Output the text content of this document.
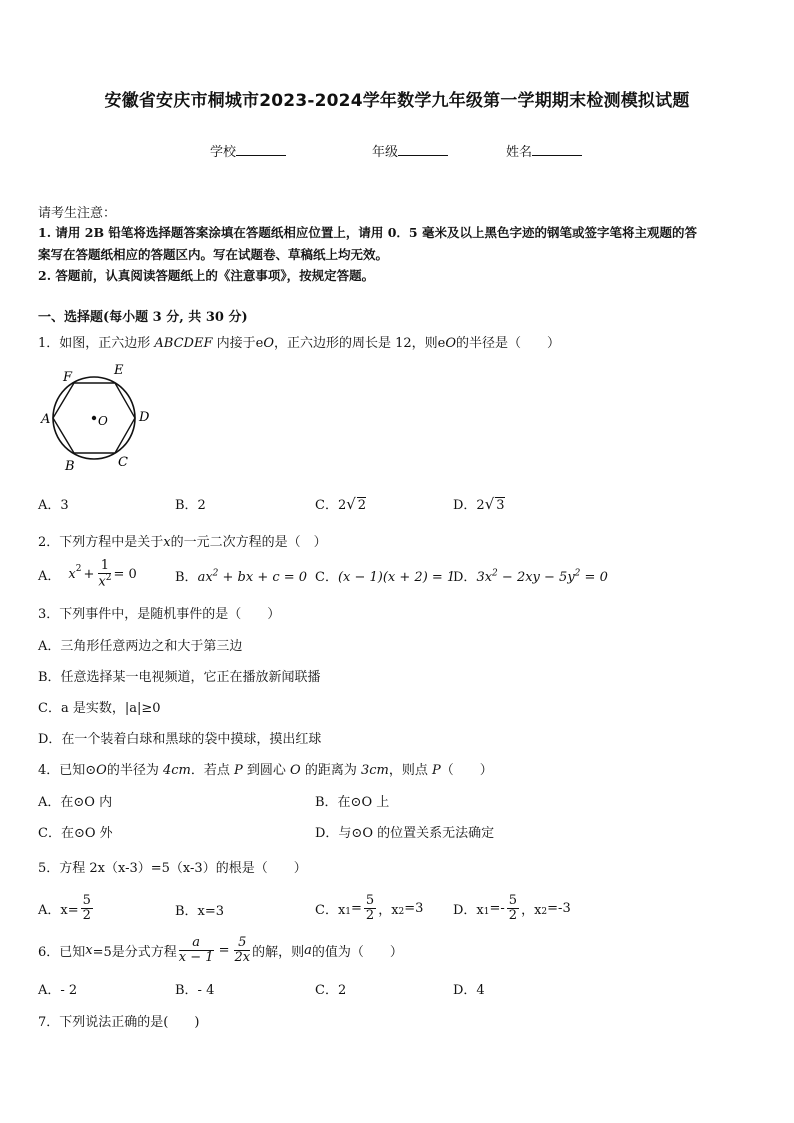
安徽省安庆市桐城市2023-2024学年数学九年级第一学期期末检测模拟试题
学校	年级	姓名
请考生注意：
1. 请用 2B 铅笔将选择题答案涂填在答题纸相应位置上，请用 0．5 毫米及以上黑色字迹的钢笔或签字笔将主观题的答
案写在答题纸相应的答题区内。写在试题卷、草稿纸上均无效。
2. 答题前，认真阅读答题纸上的《注意事项》，按规定答题。
一、选择题(每小题 3 分, 共 30 分)
1．如图，正六边形 ABCDEF 内接于eO，正六边形的周长是 12，则eO的半径是（　　）
A
B	C
D
E
F
O
A．3	B．2	C．2√ 2	D．2√ 3
2．下列方程中是关于x的一元二次方程的是（　）
A． $x^2 + \frac{1}{x^2} = 0$	B．$ax^2$ + bx + c = 0 C．(x − 1)(x + 2) = 1
D．$3x^2 - 2xy - 5y^2 = 0$
3．下列事件中，是随机事件的是（　　）
A．三角形任意两边之和大于第三边
B．任意选择某一电视频道，它正在播放新闻联播
C．a 是实数，|a|≥0
D．在一个装着白球和黑球的袋中摸球，摸出红球
4．已知⊙O的半径为 4cm．若点 P 到圆心 O 的距离为 3cm，则点 P（　　）
A．在⊙O 内	B．在⊙O 上
C．在⊙O 外	D．与⊙O 的位置关系无法确定
5．方程 2x（x-3）=5（x-3）的根是（　　）
A．$x= \frac{5}{2}$	B．x=3	C．$x_1 = \frac{5}{2}$ ，$x_2 =3$ D．$x_1 =- \frac{5}{2}$ ，$x_2 =-3$
6．已知 x =5是分式方程 $\frac{a}{x - 1} = \frac{5}{2x}$ 的解，则 a 的值为（　　）
A．- 2	B．- 4	C．2	D．4
7．下列说法正确的是(　　)
